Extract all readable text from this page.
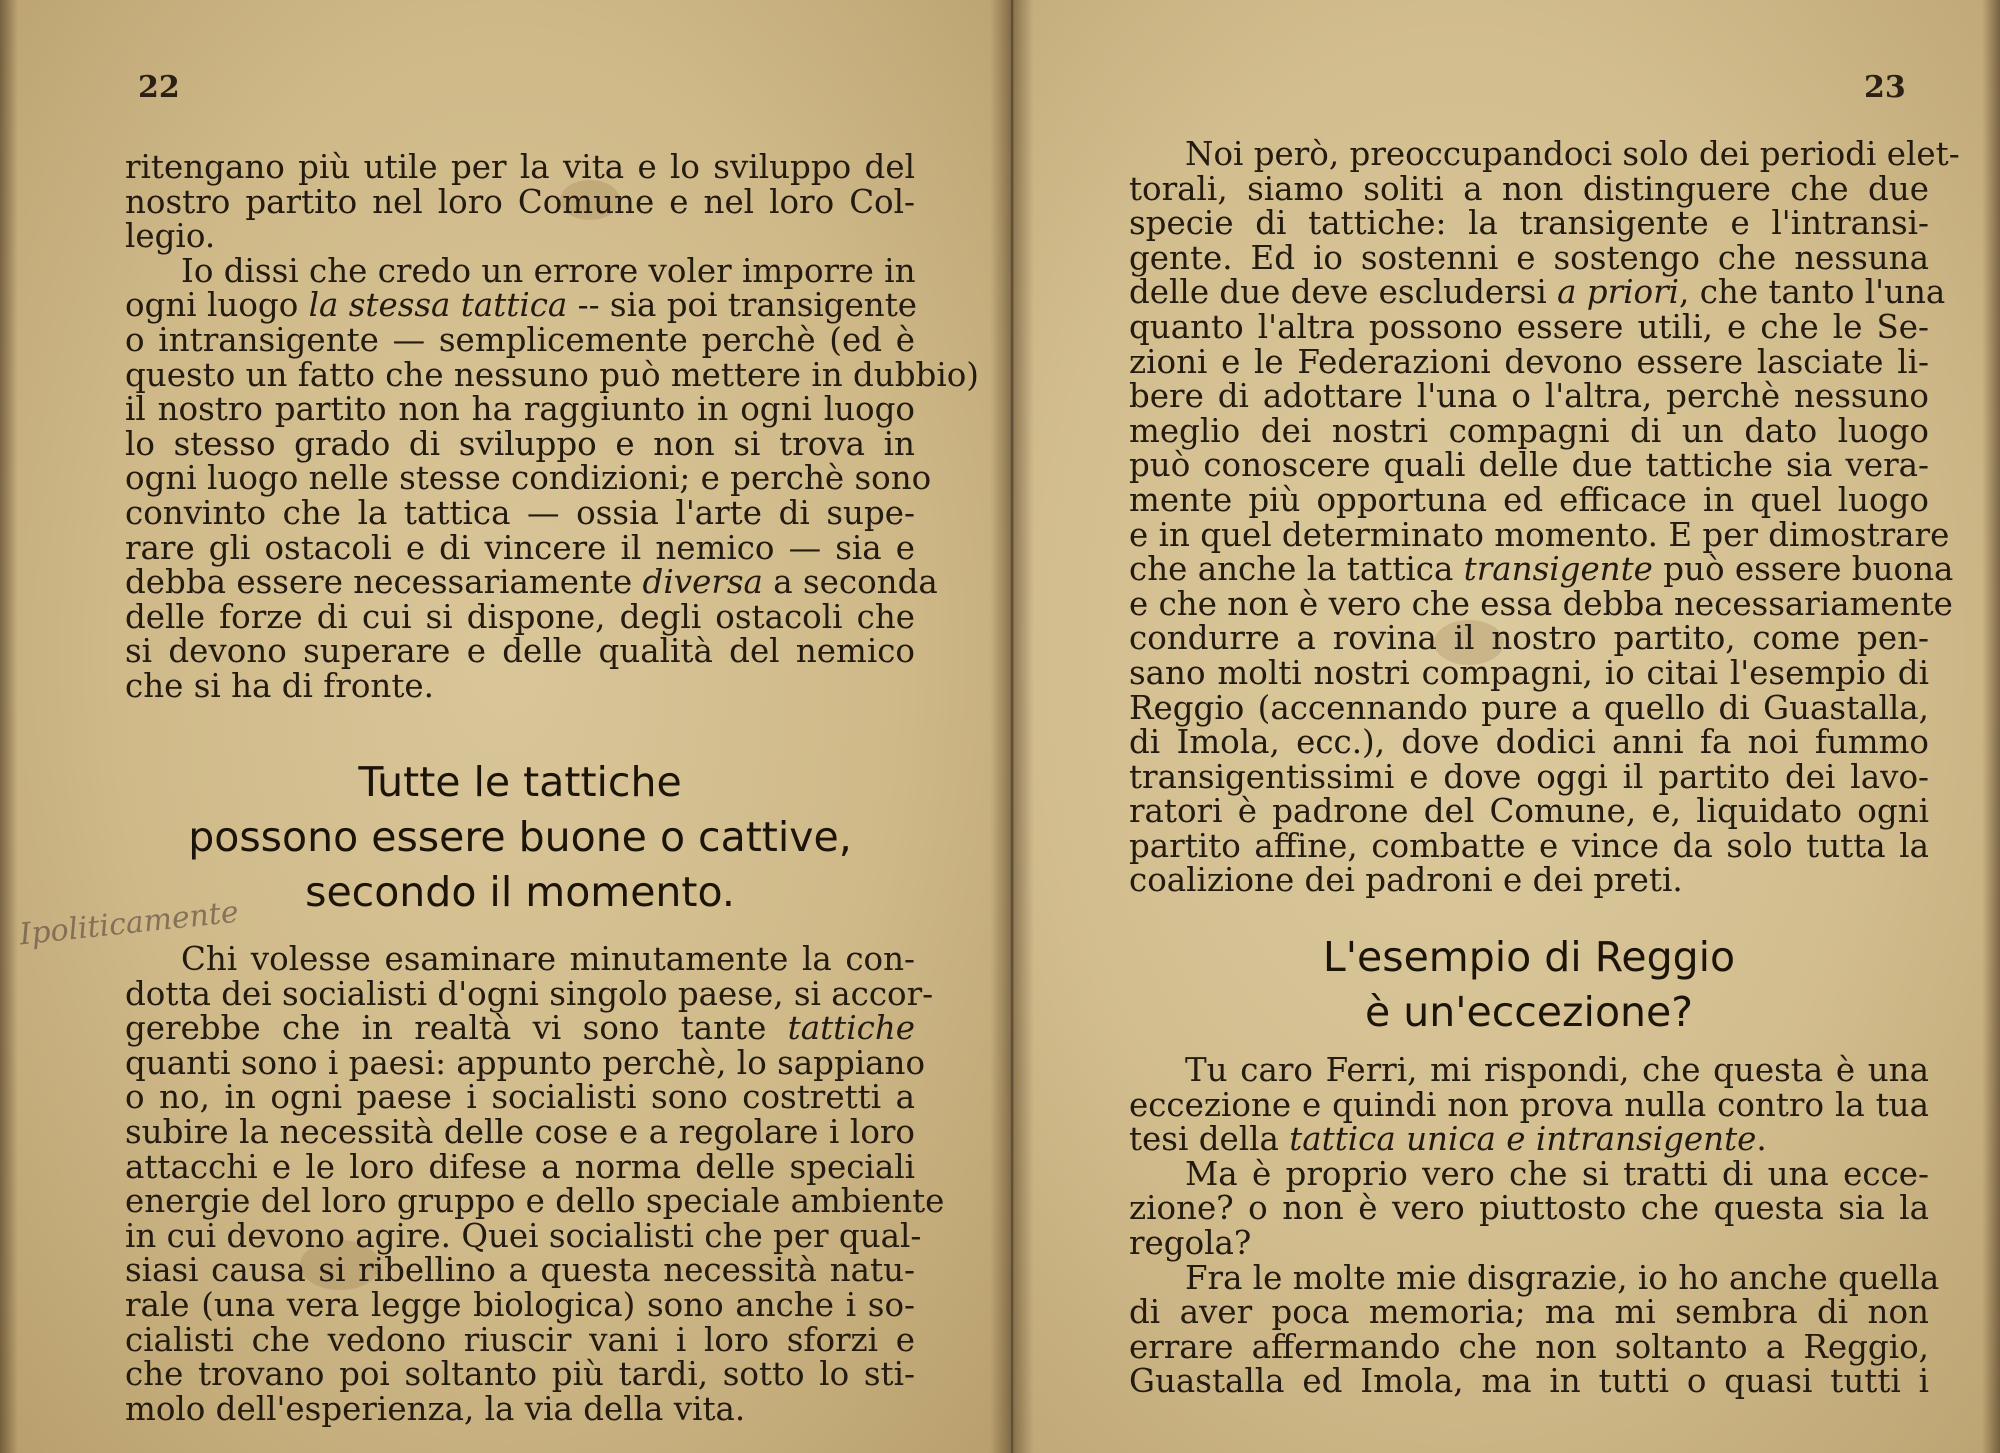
22
ritengano più utile per la vita e lo sviluppo del
nostro partito nel loro Comune e nel loro Col-
legio.
Io dissi che credo un errore voler imporre in
ogni luogo la stessa tattica -- sia poi transigente
o intransigente — semplicemente perchè (ed è
questo un fatto che nessuno può mettere in dubbio)
il nostro partito non ha raggiunto in ogni luogo
lo stesso grado di sviluppo e non si trova in
ogni luogo nelle stesse condizioni; e perchè sono
convinto che la tattica — ossia l'arte di supe-
rare gli ostacoli e di vincere il nemico — sia e
debba essere necessariamente diversa a seconda
delle forze di cui si dispone, degli ostacoli che
si devono superare e delle qualità del nemico
che si ha di fronte.
Tutte le tattiche
possono essere buone o cattive,
secondo il momento.
Ipoliticamente
Chi volesse esaminare minutamente la con-
dotta dei socialisti d'ogni singolo paese, si accor-
gerebbe che in realtà vi sono tante tattiche
quanti sono i paesi: appunto perchè, lo sappiano
o no, in ogni paese i socialisti sono costretti a
subire la necessità delle cose e a regolare i loro
attacchi e le loro difese a norma delle speciali
energie del loro gruppo e dello speciale ambiente
in cui devono agire. Quei socialisti che per qual-
siasi causa si ribellino a questa necessità natu-
rale (una vera legge biologica) sono anche i so-
cialisti che vedono riuscir vani i loro sforzi e
che trovano poi soltanto più tardi, sotto lo sti-
molo dell'esperienza, la via della vita.
23
Noi però, preoccupandoci solo dei periodi elet-
torali, siamo soliti a non distinguere che due
specie di tattiche: la transigente e l'intransi-
gente. Ed io sostenni e sostengo che nessuna
delle due deve escludersi a priori, che tanto l'una
quanto l'altra possono essere utili, e che le Se-
zioni e le Federazioni devono essere lasciate li-
bere di adottare l'una o l'altra, perchè nessuno
meglio dei nostri compagni di un dato luogo
può conoscere quali delle due tattiche sia vera-
mente più opportuna ed efficace in quel luogo
e in quel determinato momento. E per dimostrare
che anche la tattica transigente può essere buona
e che non è vero che essa debba necessariamente
condurre a rovina il nostro partito, come pen-
sano molti nostri compagni, io citai l'esempio di
Reggio (accennando pure a quello di Guastalla,
di Imola, ecc.), dove dodici anni fa noi fummo
transigentissimi e dove oggi il partito dei lavo-
ratori è padrone del Comune, e, liquidato ogni
partito affine, combatte e vince da solo tutta la
coalizione dei padroni e dei preti.
L'esempio di Reggio
è un'eccezione?
Tu caro Ferri, mi rispondi, che questa è una
eccezione e quindi non prova nulla contro la tua
tesi della tattica unica e intransigente.
Ma è proprio vero che si tratti di una ecce-
zione? o non è vero piuttosto che questa sia la
regola?
Fra le molte mie disgrazie, io ho anche quella
di aver poca memoria; ma mi sembra di non
errare affermando che non soltanto a Reggio,
Guastalla ed Imola, ma in tutti o quasi tutti i
